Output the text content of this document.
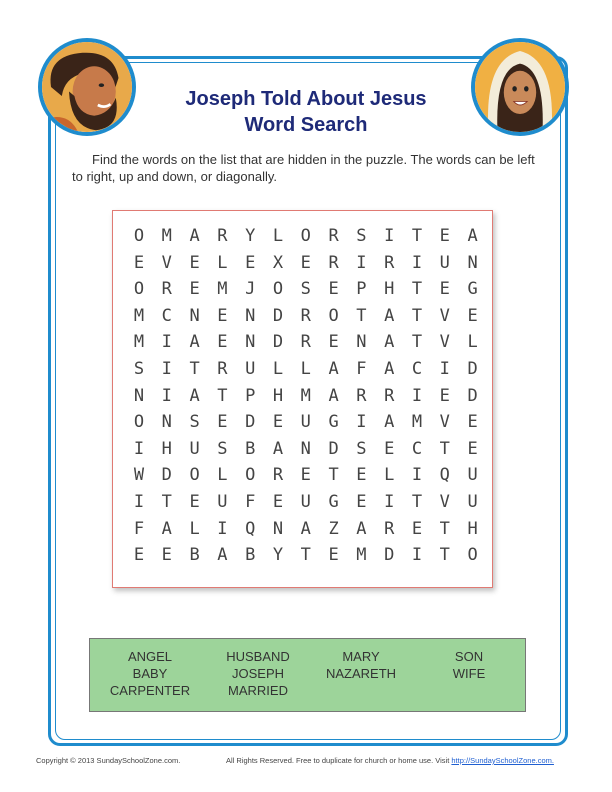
Joseph Told About Jesus
Word Search
Find the words on the list that are hidden in the puzzle. The words can be left to right, up and down, or diagonally.
O M A R Y L O R S I T E A
E V E L E X E R I R I U N
O R E M J O S E P H T E G
M C N E N D R O T A T V E
M I A E N D R E N A T V L
S I T R U L L A F A C I D
N I A T P H M A R R I E D
O N S E D E U G I A M V E
I H U S B A N D S E C T E
W D O L O R E T E L I Q U
I T E U F E U G E I T V U
F A L I Q N A Z A R E T H
E E B A B Y T E M D I T O
ANGEL
BABY
CARPENTER
HUSBAND
JOSEPH
MARRIED
MARY
NAZARETH
SON
WIFE
Copyright © 2013 SundaySchoolZone.com.	All Rights Reserved. Free to duplicate for church or home use. Visit http://SundaySchoolZone.com.
